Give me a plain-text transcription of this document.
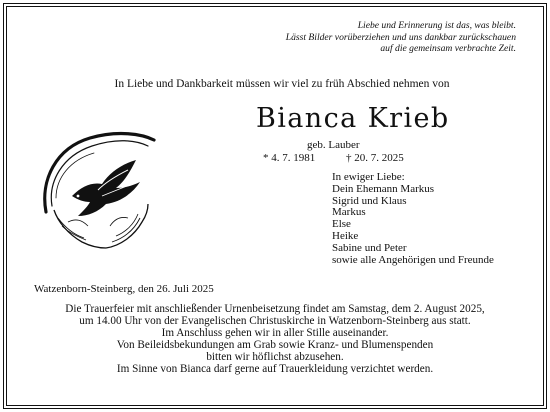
Liebe und Erinnerung ist das, was bleibt.
Lässt Bilder vorüberziehen und uns dankbar zurückschauen
auf die gemeinsam verbrachte Zeit.
In Liebe und Dankbarkeit müssen wir viel zu früh Abschied nehmen von
Bianca Krieb
geb. Lauber
* 4. 7. 1981	† 20. 7. 2025
In ewiger Liebe:
Dein Ehemann Markus
Sigrid und Klaus
Markus
Else
Heike
Sabine und Peter
sowie alle Angehörigen und Freunde
Watzenborn-Steinberg, den 26. Juli 2025
Die Trauerfeier mit anschließender Urnenbeisetzung findet am Samstag, dem 2. August 2025,
um 14.00 Uhr von der Evangelischen Christuskirche in Watzenborn-Steinberg aus statt.
Im Anschluss gehen wir in aller Stille auseinander.
Von Beileidsbekundungen am Grab sowie Kranz- und Blumenspenden
bitten wir höflichst abzusehen.
Im Sinne von Bianca darf gerne auf Trauerkleidung verzichtet werden.
